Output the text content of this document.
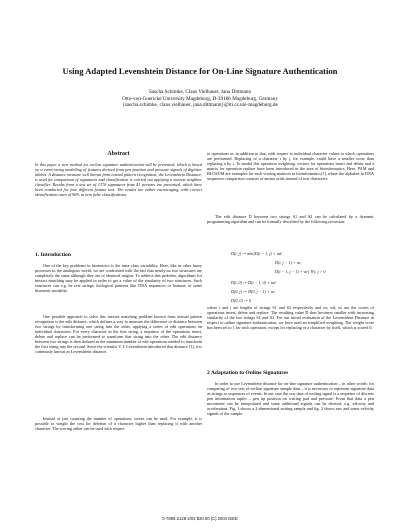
Using Adapted Levenshtein Distance for On-Line Signature Authentication
Sascha Schimke, Claus Vielhauer, Jana Dittmann
Otto-von-Guericke University Magdeburg, D-39106 Magdeburg, Germany
{sascha.schimke, claus.vielhauer, jana.dittmann}@iti.cs.uni-magdeburg.de
Abstract
In this paper a new method for on-line signature authentication will be presented, which is based on a event-string modelling of features derived from pen-position and pressure signals of digitizer tablets. A distance measure well known from textual pattern recognition, the Levenshtein Distance, is used for comparison of signatures and classification is carried out applying a nearest neighbor classifier. Results from a test set of 1376 signatures from 41 persons are presented, which have been conducted for four different feature sets. The results are rather encouraging, with correct identification rates of 96% at zero false classifications.
1. Introduction
One of the key problems in biometrics is the intra-class variability. Here, like in other fuzzy processes in the analogous world, we are confronted with the fact that nearly no two structures are completely the same although they are of identical origins. To address this problem, algorithms for inexact matching may be applied in order to get a value of the similarity of two structures. Such structures can e.g. be text strings, biological patterns like DNA sequences or features of some biometric modality.
One possible approach to solve this inexact matching problem known from textual pattern recognition is the edit distance, which defines a way to measure the difference or distance between two strings by transforming one string into the other, applying a series of edit operations on individual characters. For every character in the first string, a sequence of the operations insert, delete and replace can be performed to transform that string into the other. The edit distance between two strings is then defined as the minimum number of edit operations needed to transform the first string into the second. Since the scientist V. I. Levenshtein introduced that distance [3], it is commonly known as Levenshtein distance.
Instead of just counting the number of operations, scores can be used. For example, it is possible to weight the cost for deletion of a character higher than replacing it with another character. The scoring either can be used with respect
to operations or, in addition to that, with respect to individual character values to which operations are performed. Replacing of a character i by j, for example, could have a smaller score than replacing a by t. To model this operation weighting, vectors for operations insert and delete and a matrix for operation replace have been introduced in the area of bioinformatics. Here, PAM and BLOSUM are examples for such scoring matrices in bioinformatics[1], where the alphabet in DNA sequences comparison consists of amino acids instead of text characters.
The edit distance D between two strings S1 and S2 can be calculated by a dynamic programming algorithm and can be formally described by the following recursion:
D(i, j) := min[D(i − 1, j) + wd,
D(i, j − 1) + wi,
D(i − 1, j − 1) + wr] ∀ i, j > 0
D(i, 0) := D(i − 1, 0) + wd
D(0, j) := D(0, j − 1) + wi
D(0, 0) := 0
where i and j are lengths of strings S1 and S2 respectively and wr, wd, wi are the scores of operations insert, delete and replace. The resulting value D thus becomes smaller with increasing similarity of the two strings S1 and S2. For our initial evaluation of the Levenshtein Distance in respect to online signature authentication, we have used an simplified weighting. The weight score has been set to 1 for each operation, except for replacing of a character by itself, which is scored 0.
2 Adaptation to Online Signatures
In order to use Levenshtein distance for on-line signature authentication – in other words: for comparing of two sets of on-line signature sample data – it is necessary to represent signature data as strings or sequences of events. In our case the raw data of writing signal is a sequence of discrete pen information tuples – pen tip position on writing pad and pressure. From that data a pen movement can be interpolated and some additional signals can be derived, e.g. velocity and acceleration. Fig. 1 shows a 2-dimensional writing sample and fig. 2 shows raw and some velocity signals of the sample.
0-7695-2128-2/04 $20.00 (C) 2004 IEEE
